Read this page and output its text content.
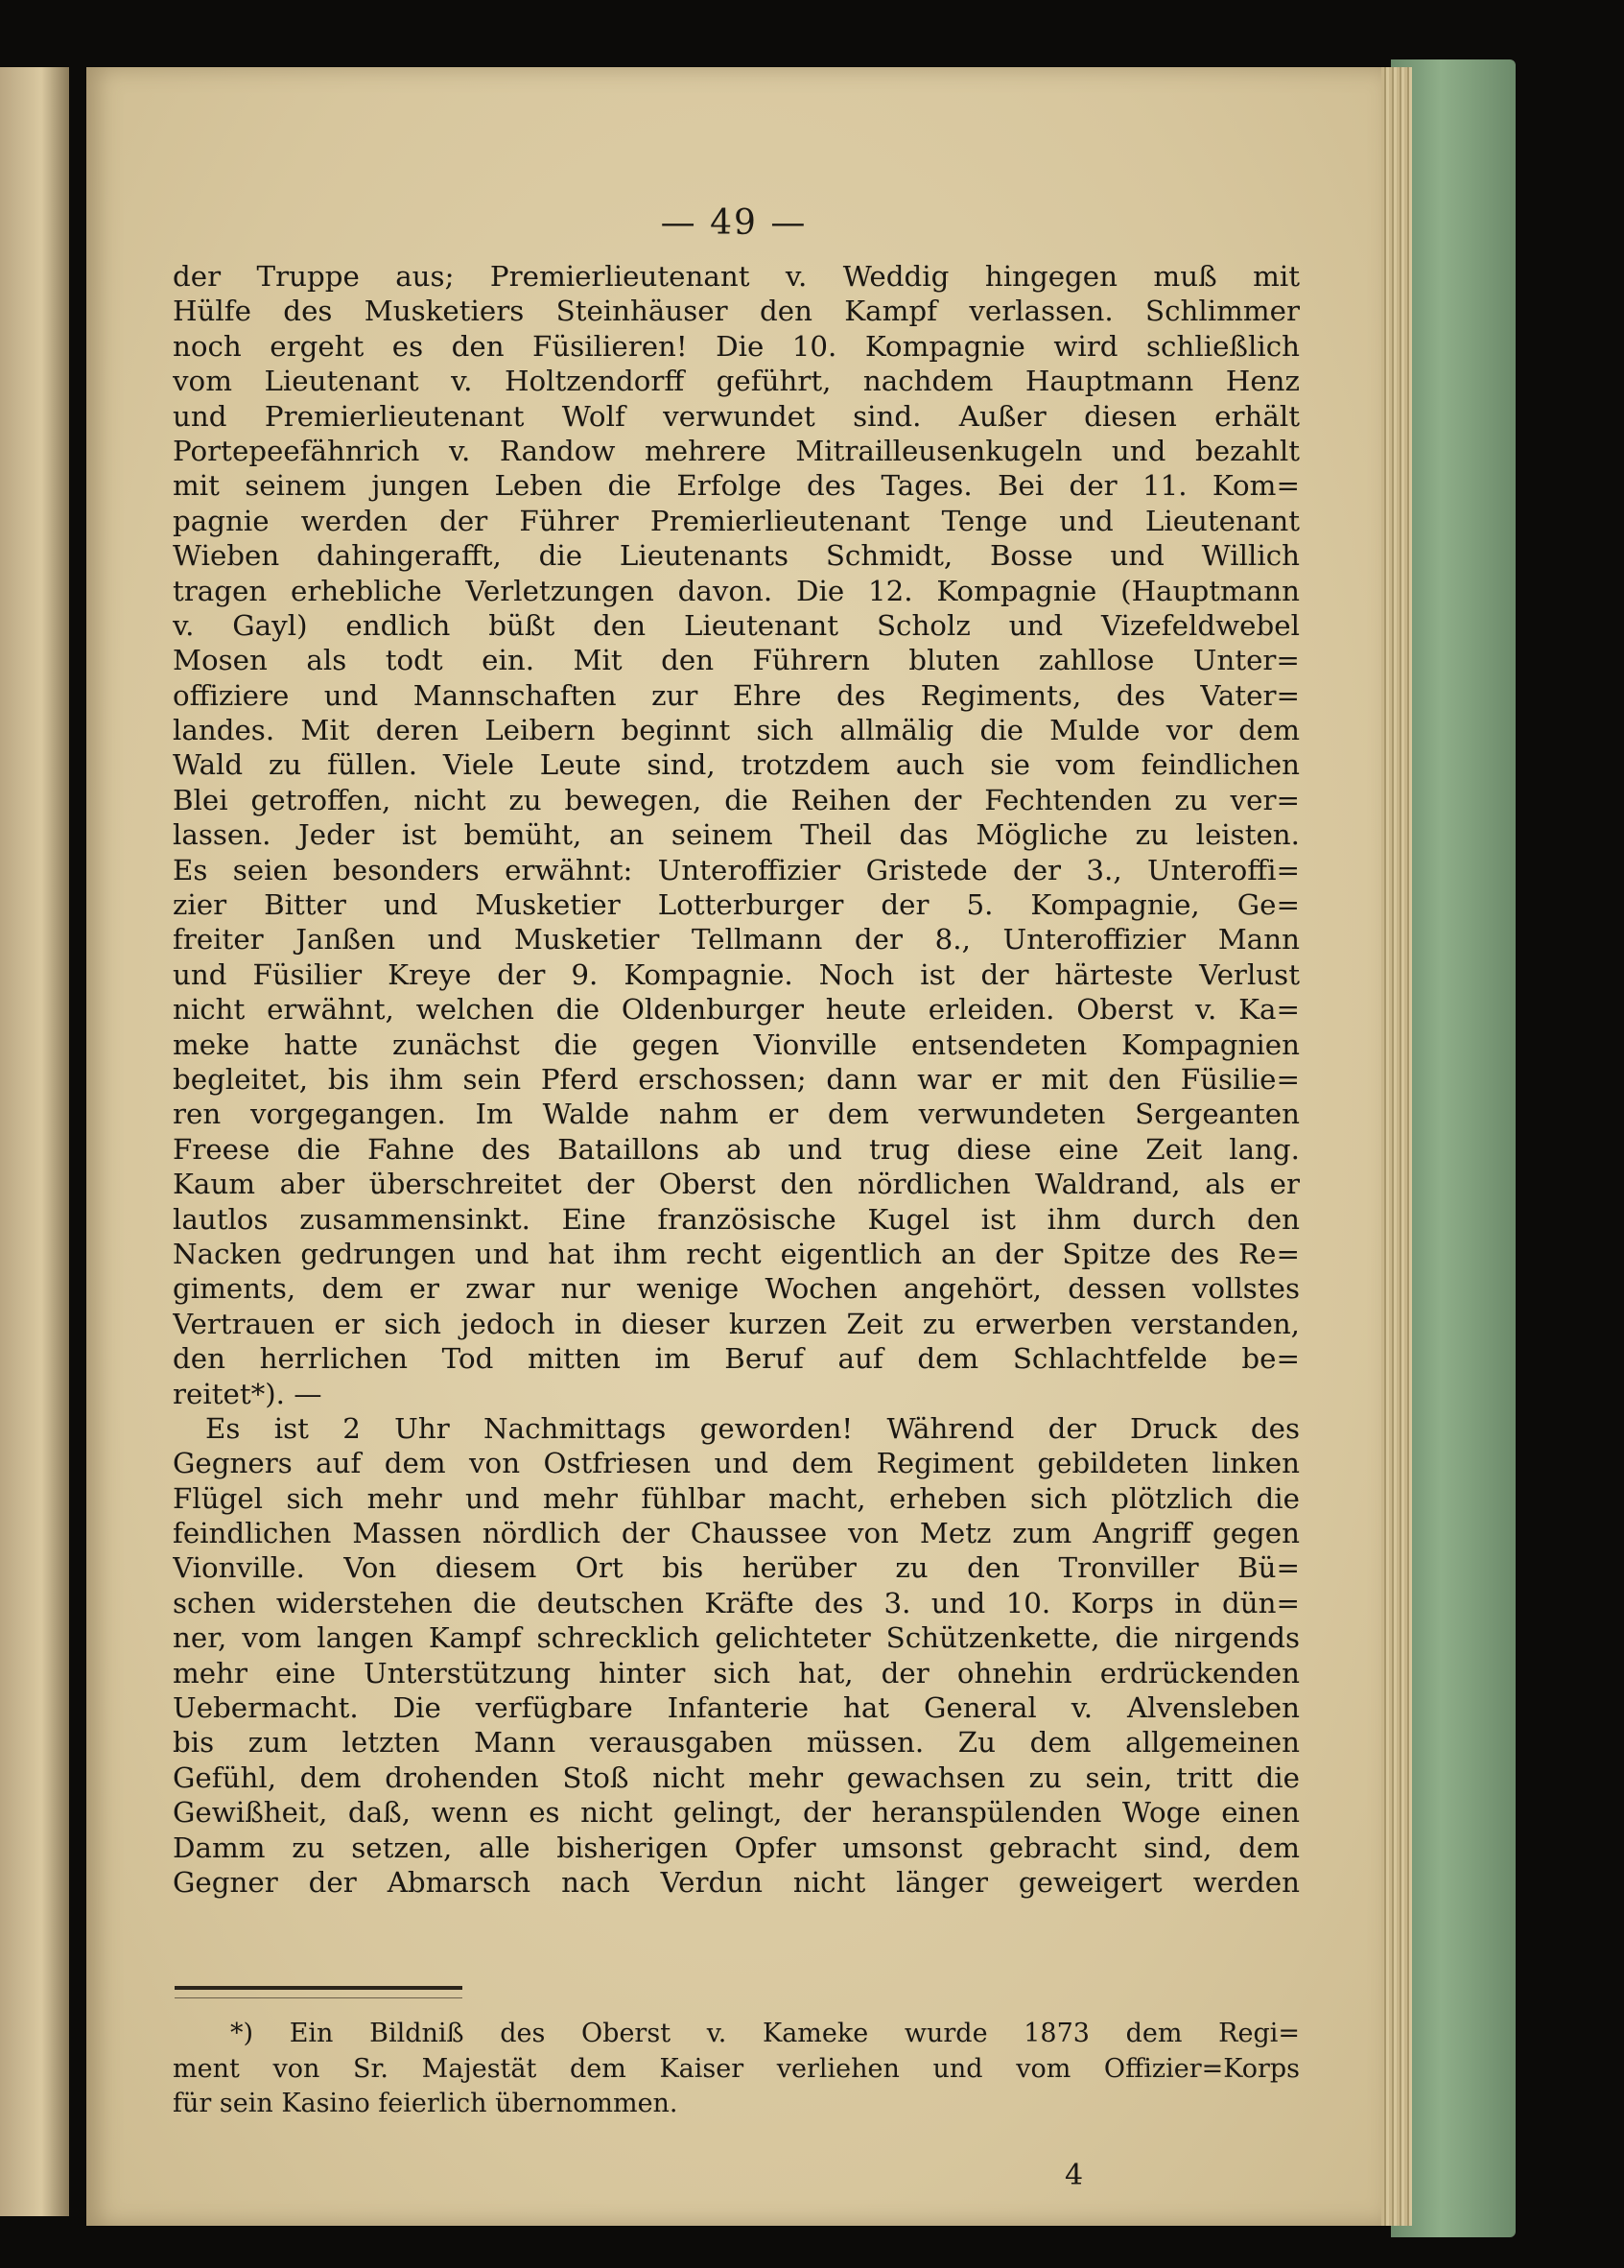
— 49 —
der Truppe aus; Premierlieutenant v. Weddig hingegen muß mit
Hülfe des Musketiers Steinhäuser den Kampf verlassen. Schlimmer
noch ergeht es den Füsilieren! Die 10. Kompagnie wird schließlich
vom Lieutenant v. Holtzendorff geführt, nachdem Hauptmann Henz
und Premierlieutenant Wolf verwundet sind. Außer diesen erhält
Portepeefähnrich v. Randow mehrere Mitrailleusenkugeln und bezahlt
mit seinem jungen Leben die Erfolge des Tages. Bei der 11. Kom=
pagnie werden der Führer Premierlieutenant Tenge und Lieutenant
Wieben dahingerafft, die Lieutenants Schmidt, Bosse und Willich
tragen erhebliche Verletzungen davon. Die 12. Kompagnie (Hauptmann
v. Gayl) endlich büßt den Lieutenant Scholz und Vizefeldwebel
Mosen als todt ein. Mit den Führern bluten zahllose Unter=
offiziere und Mannschaften zur Ehre des Regiments, des Vater=
landes. Mit deren Leibern beginnt sich allmälig die Mulde vor dem
Wald zu füllen. Viele Leute sind, trotzdem auch sie vom feindlichen
Blei getroffen, nicht zu bewegen, die Reihen der Fechtenden zu ver=
lassen. Jeder ist bemüht, an seinem Theil das Mögliche zu leisten.
Es seien besonders erwähnt: Unteroffizier Gristede der 3., Unteroffi=
zier Bitter und Musketier Lotterburger der 5. Kompagnie, Ge=
freiter Janßen und Musketier Tellmann der 8., Unteroffizier Mann
und Füsilier Kreye der 9. Kompagnie. Noch ist der härteste Verlust
nicht erwähnt, welchen die Oldenburger heute erleiden. Oberst v. Ka=
meke hatte zunächst die gegen Vionville entsendeten Kompagnien
begleitet, bis ihm sein Pferd erschossen; dann war er mit den Füsilie=
ren vorgegangen. Im Walde nahm er dem verwundeten Sergeanten
Freese die Fahne des Bataillons ab und trug diese eine Zeit lang.
Kaum aber überschreitet der Oberst den nördlichen Waldrand, als er
lautlos zusammensinkt. Eine französische Kugel ist ihm durch den
Nacken gedrungen und hat ihm recht eigentlich an der Spitze des Re=
giments, dem er zwar nur wenige Wochen angehört, dessen vollstes
Vertrauen er sich jedoch in dieser kurzen Zeit zu erwerben verstanden,
den herrlichen Tod mitten im Beruf auf dem Schlachtfelde be=
reitet*). —
Es ist 2 Uhr Nachmittags geworden! Während der Druck des
Gegners auf dem von Ostfriesen und dem Regiment gebildeten linken
Flügel sich mehr und mehr fühlbar macht, erheben sich plötzlich die
feindlichen Massen nördlich der Chaussee von Metz zum Angriff gegen
Vionville. Von diesem Ort bis herüber zu den Tronviller Bü=
schen widerstehen die deutschen Kräfte des 3. und 10. Korps in dün=
ner, vom langen Kampf schrecklich gelichteter Schützenkette, die nirgends
mehr eine Unterstützung hinter sich hat, der ohnehin erdrückenden
Uebermacht. Die verfügbare Infanterie hat General v. Alvensleben
bis zum letzten Mann verausgaben müssen. Zu dem allgemeinen
Gefühl, dem drohenden Stoß nicht mehr gewachsen zu sein, tritt die
Gewißheit, daß, wenn es nicht gelingt, der heranspülenden Woge einen
Damm zu setzen, alle bisherigen Opfer umsonst gebracht sind, dem
Gegner der Abmarsch nach Verdun nicht länger geweigert werden
*) Ein Bildniß des Oberst v. Kameke wurde 1873 dem Regi=
ment von Sr. Majestät dem Kaiser verliehen und vom Offizier=Korps
für sein Kasino feierlich übernommen.
4
